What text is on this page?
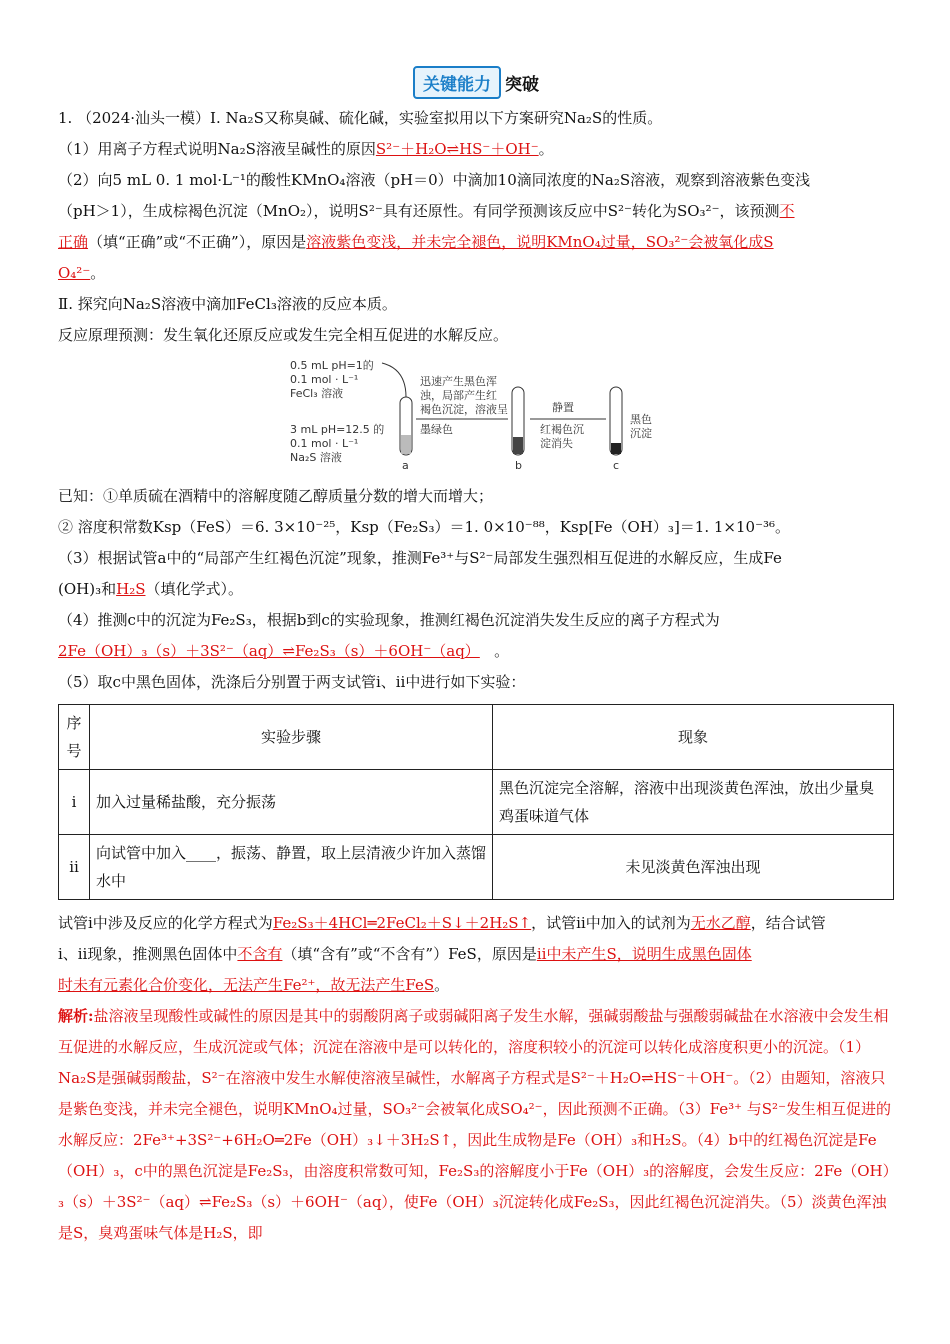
关键能力 突破

1. （2024·汕头一模）Ⅰ. Na₂S又称臭碱、硫化碱，实验室拟用以下方案研究Na₂S的性质。

（1）用离子方程式说明Na₂S溶液呈碱性的原因S²⁻＋H₂O⇌HS⁻＋OH⁻。

（2）向5 mL 0. 1 mol·L⁻¹的酸性KMnO₄溶液（pH＝0）中滴加10滴同浓度的Na₂S溶液，观察到溶液紫色变浅

（pH＞1），生成棕褐色沉淀（MnO₂），说明S²⁻具有还原性。有同学预测该反应中S²⁻转化为SO₃²⁻，该预测不

正确（填“正确”或“不正确”），原因是溶液紫色变浅，并未完全褪色，说明KMnO₄过量，SO₃²⁻会被氧化成S

O₄²⁻。

Ⅱ. 探究向Na₂S溶液中滴加FeCl₃溶液的反应本质。

反应原理预测：发生氧化还原反应或发生完全相互促进的水解反应。

0.5 mL pH=1的
0.1 mol · L⁻¹
FeCl₃ 溶液
3 mL pH=12.5 的
0.1 mol · L⁻¹
Na₂S 溶液
a
迅速产生黑色浑
浊，局部产生红
褐色沉淀，溶液呈
墨绿色
b
静置
红褐色沉
淀消失
c
黑色
沉淀

已知：①单质硫在酒精中的溶解度随乙醇质量分数的增大而增大；

② 溶度积常数Ksp（FeS）＝6. 3×10⁻²⁵，Ksp（Fe₂S₃）＝1. 0×10⁻⁸⁸，Ksp[Fe（OH）₃]＝1. 1×10⁻³⁶。

（3）根据试管a中的“局部产生红褐色沉淀”现象，推测Fe³⁺与S²⁻局部发生强烈相互促进的水解反应，生成Fe

(OH)₃和H₂S（填化学式）。

（4）推测c中的沉淀为Fe₂S₃，根据b到c的实验现象，推测红褐色沉淀消失发生反应的离子方程式为

2Fe（OH）₃（s）＋3S²⁻（aq）⇌Fe₂S₃（s）＋6OH⁻（aq） 。

（5）取c中黑色固体，洗涤后分别置于两支试管ⅰ、ⅱ中进行如下实验：

序号	实验步骤	现象
ⅰ	加入过量稀盐酸，充分振荡	黑色沉淀完全溶解，溶液中出现淡黄色浑浊，放出少量臭鸡蛋味道气体
ⅱ	向试管中加入____，振荡、静置，取上层清液少许加入蒸馏水中	未见淡黄色浑浊出现

试管ⅰ中涉及反应的化学方程式为Fe₂S₃＋4HCl═2FeCl₂＋S↓＋2H₂S↑，试管ⅱ中加入的试剂为无水乙醇，结合试管

ⅰ、ⅱ现象，推测黑色固体中不含有（填“含有”或“不含有”）FeS，原因是ⅱ中未产生S，说明生成黑色固体

时未有元素化合价变化，无法产生Fe²⁺，故无法产生FeS。

解析:盐溶液呈现酸性或碱性的原因是其中的弱酸阴离子或弱碱阳离子发生水解，强碱弱酸盐与强酸弱碱盐在水溶液中会发生相互促进的水解反应，生成沉淀或气体；沉淀在溶液中是可以转化的，溶度积较小的沉淀可以转化成溶度积更小的沉淀。（1）Na₂S是强碱弱酸盐，S²⁻在溶液中发生水解使溶液呈碱性，水解离子方程式是S²⁻＋H₂O⇌HS⁻＋OH⁻。（2）由题知，溶液只是紫色变浅，并未完全褪色，说明KMnO₄过量，SO₃²⁻会被氧化成SO₄²⁻，因此预测不正确。（3）Fe³⁺ 与S²⁻发生相互促进的水解反应：2Fe³⁺+3S²⁻+6H₂O═2Fe（OH）₃↓＋3H₂S↑，因此生成物是Fe（OH）₃和H₂S。（4）b中的红褐色沉淀是Fe（OH）₃，c中的黑色沉淀是Fe₂S₃，由溶度积常数可知，Fe₂S₃的溶解度小于Fe（OH）₃的溶解度，会发生反应：2Fe（OH）₃（s）＋3S²⁻（aq）⇌Fe₂S₃（s）＋6OH⁻（aq），使Fe（OH）₃沉淀转化成Fe₂S₃，因此红褐色沉淀消失。（5）淡黄色浑浊是S，臭鸡蛋味气体是H₂S，即
